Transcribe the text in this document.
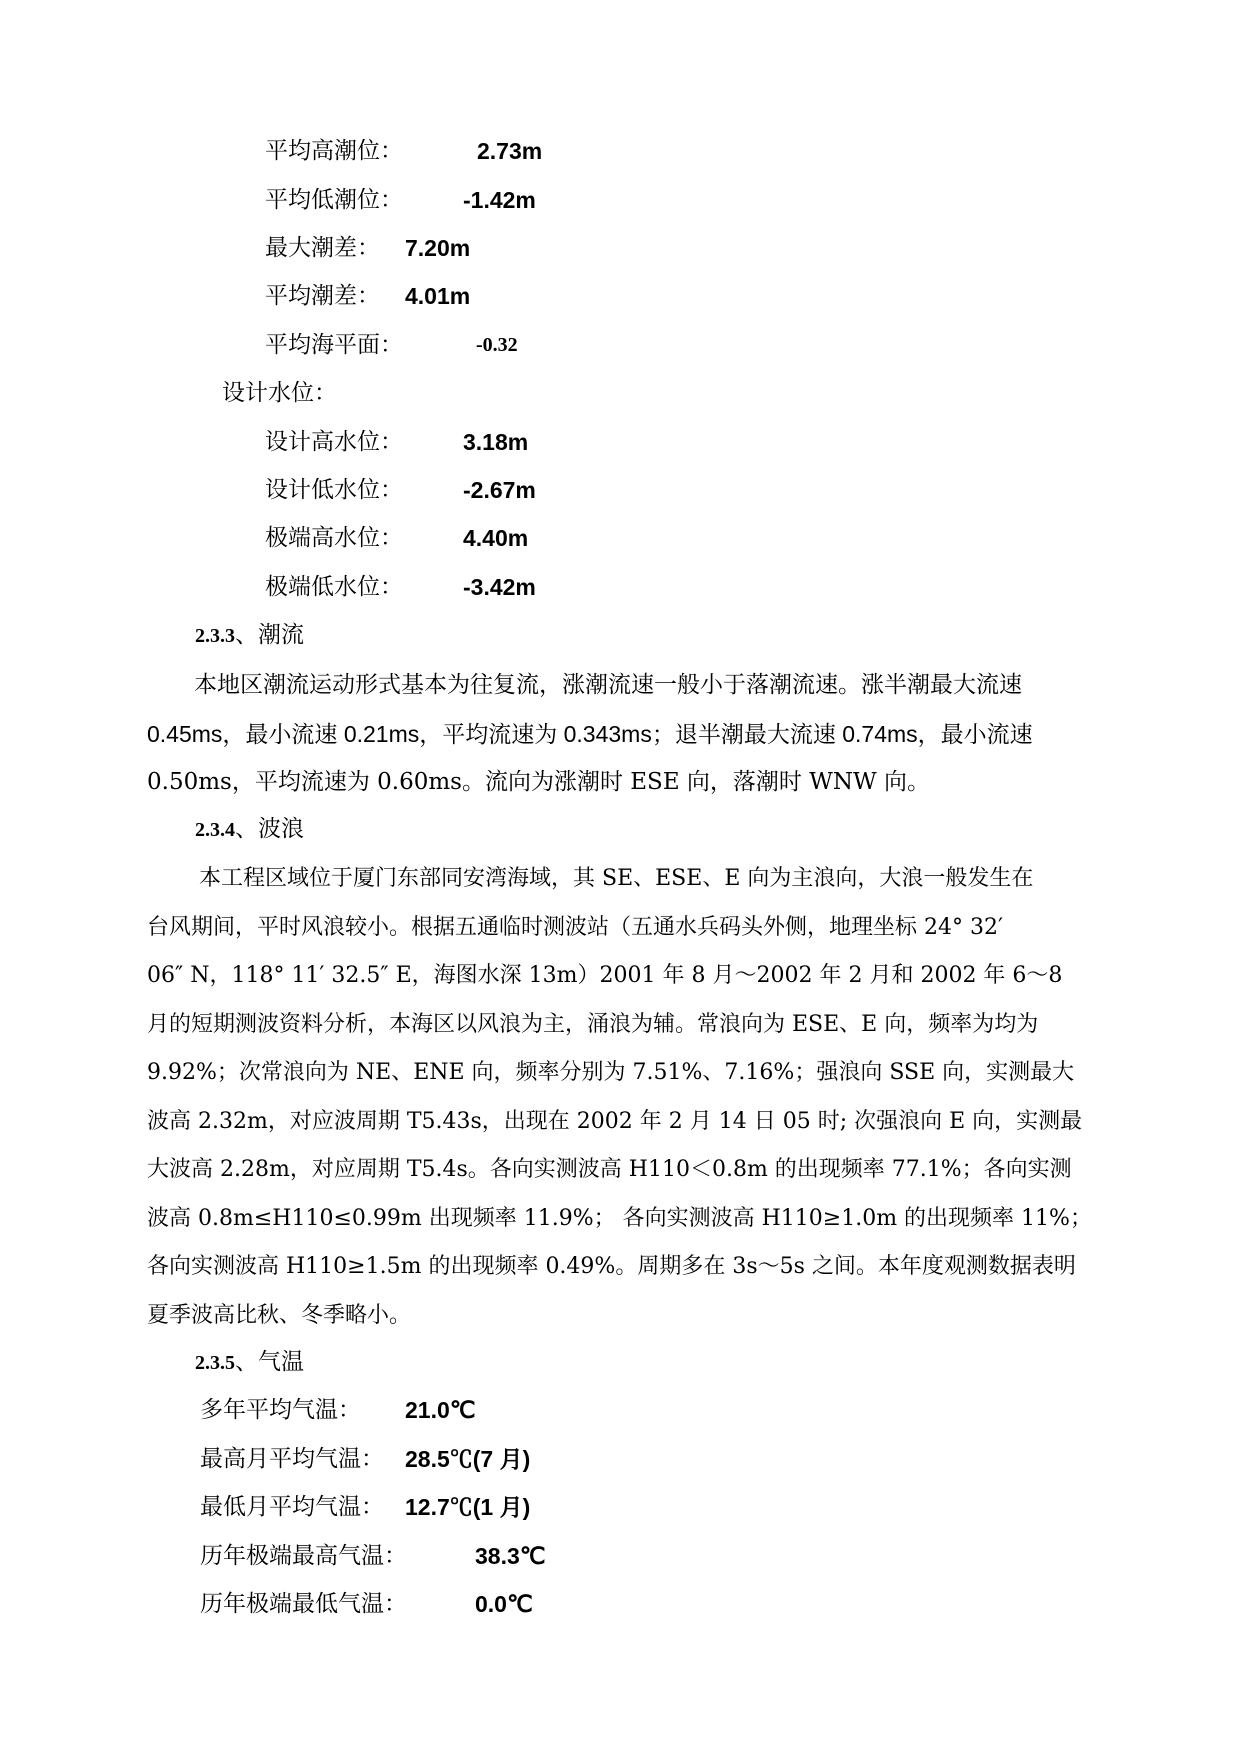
平均高潮位：	2.73m
平均低潮位：	-1.42m
最大潮差： 7.20m
平均潮差： 4.01m
平均海平面：	-0.32
设计水位：
设计高水位：	3.18m
设计低水位：	-2.67m
极端高水位：	4.40m
极端低水位：	-3.42m
2.3.3、潮流

本地区潮流运动形式基本为往复流，涨潮流速一般小于落潮流速。涨半潮最大流速

0.45ms，最小流速 0.21ms，平均流速为 0.343ms；退半潮最大流速 0.74ms，最小流速

0.50ms，平均流速为 0.60ms。流向为涨潮时 ESE 向，落潮时 WNW 向。

2.3.4、波浪

本工程区域位于厦门东部同安湾海域，其 SE、ESE、E 向为主浪向，大浪一般发生在

台风期间，平时风浪较小。根据五通临时测波站（五通水兵码头外侧，地理坐标 24° 32′

06″ N，118° 11′ 32.5″ E，海图水深 13m）2001 年 8 月～2002 年 2 月和 2002 年 6～8

月的短期测波资料分析，本海区以风浪为主，涌浪为辅。常浪向为 ESE、E 向，频率为均为

9.92%；次常浪向为 NE、ENE 向，频率分别为 7.51%、7.16%；强浪向 SSE 向，实测最大

波高 2.32m，对应波周期 T5.43s，出现在 2002 年 2 月 14 日 05 时; 次强浪向 E 向，实测最

大波高 2.28m，对应周期 T5.4s。各向实测波高 H110＜0.8m 的出现频率 77.1%；各向实测

波高 0.8m≤H110≤0.99m 出现频率 11.9%； 各向实测波高 H110≥1.0m 的出现频率 11%；

各向实测波高 H110≥1.5m 的出现频率 0.49%。周期多在 3s～5s 之间。本年度观测数据表明

夏季波高比秋、冬季略小。

2.3.5、气温
多年平均气温： 21.0℃
最高月平均气温： 28.5℃(7 月)
最低月平均气温： 12.7℃(1 月)
历年极端最高气温：	38.3℃
历年极端最低气温：	0.0℃
